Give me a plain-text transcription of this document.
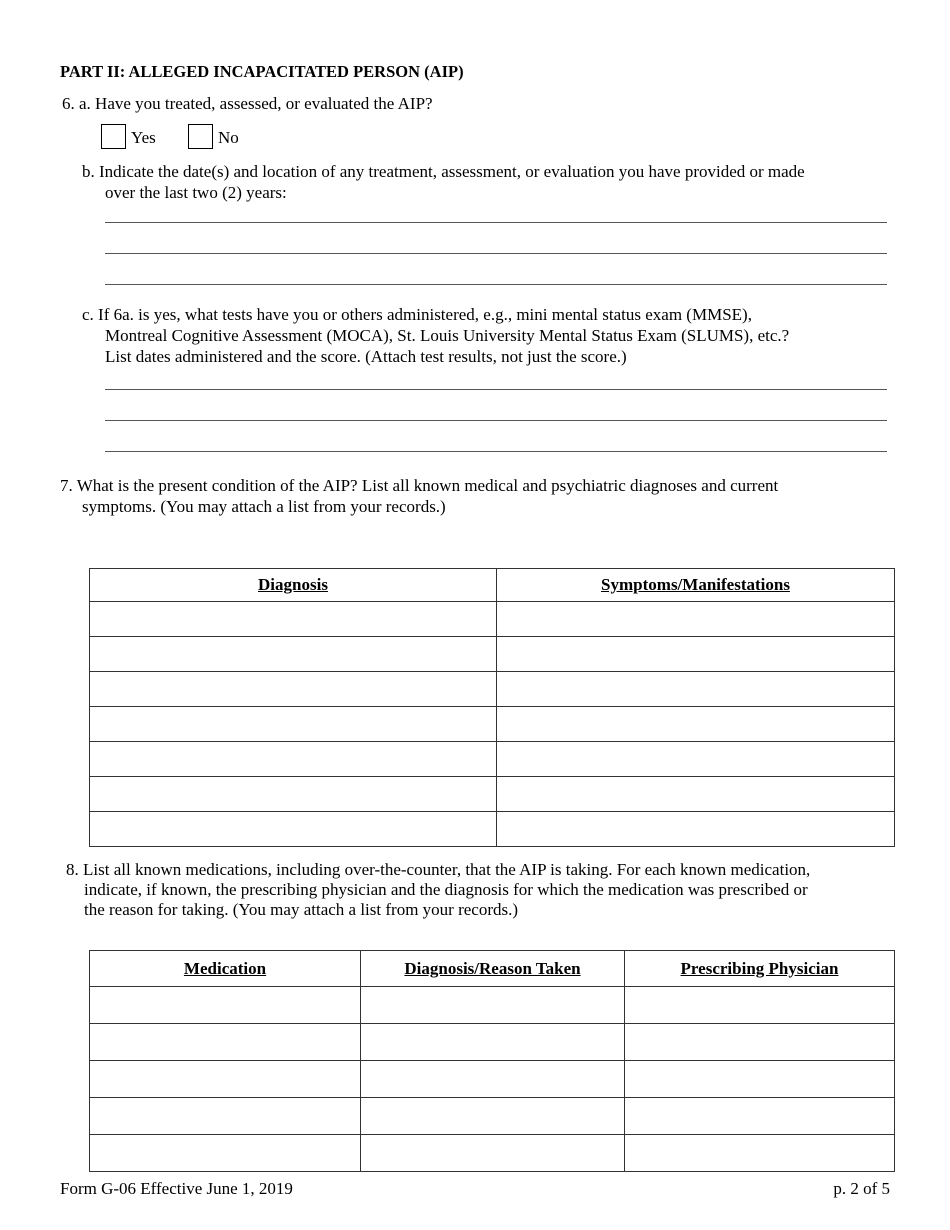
PART II: ALLEGED INCAPACITATED PERSON (AIP)
6. a. Have you treated, assessed, or evaluated the AIP?
Yes	No
b. Indicate the date(s) and location of any treatment, assessment, or evaluation you have provided or made
over the last two (2) years:
c. If 6a. is yes, what tests have you or others administered, e.g., mini mental status exam (MMSE),
Montreal Cognitive Assessment (MOCA), St. Louis University Mental Status Exam (SLUMS), etc.?
List dates administered and the score. (Attach test results, not just the score.)
7. What is the present condition of the AIP? List all known medical and psychiatric diagnoses and current
symptoms. (You may attach a list from your records.)
Diagnosis	Symptoms/Manifestations

8. List all known medications, including over-the-counter, that the AIP is taking. For each known medication,
indicate, if known, the prescribing physician and the diagnosis for which the medication was prescribed or
the reason for taking. (You may attach a list from your records.)
Medication	Diagnosis/Reason Taken	Prescribing Physician

Form G-06 Effective June 1, 2019	p. 2 of 5
